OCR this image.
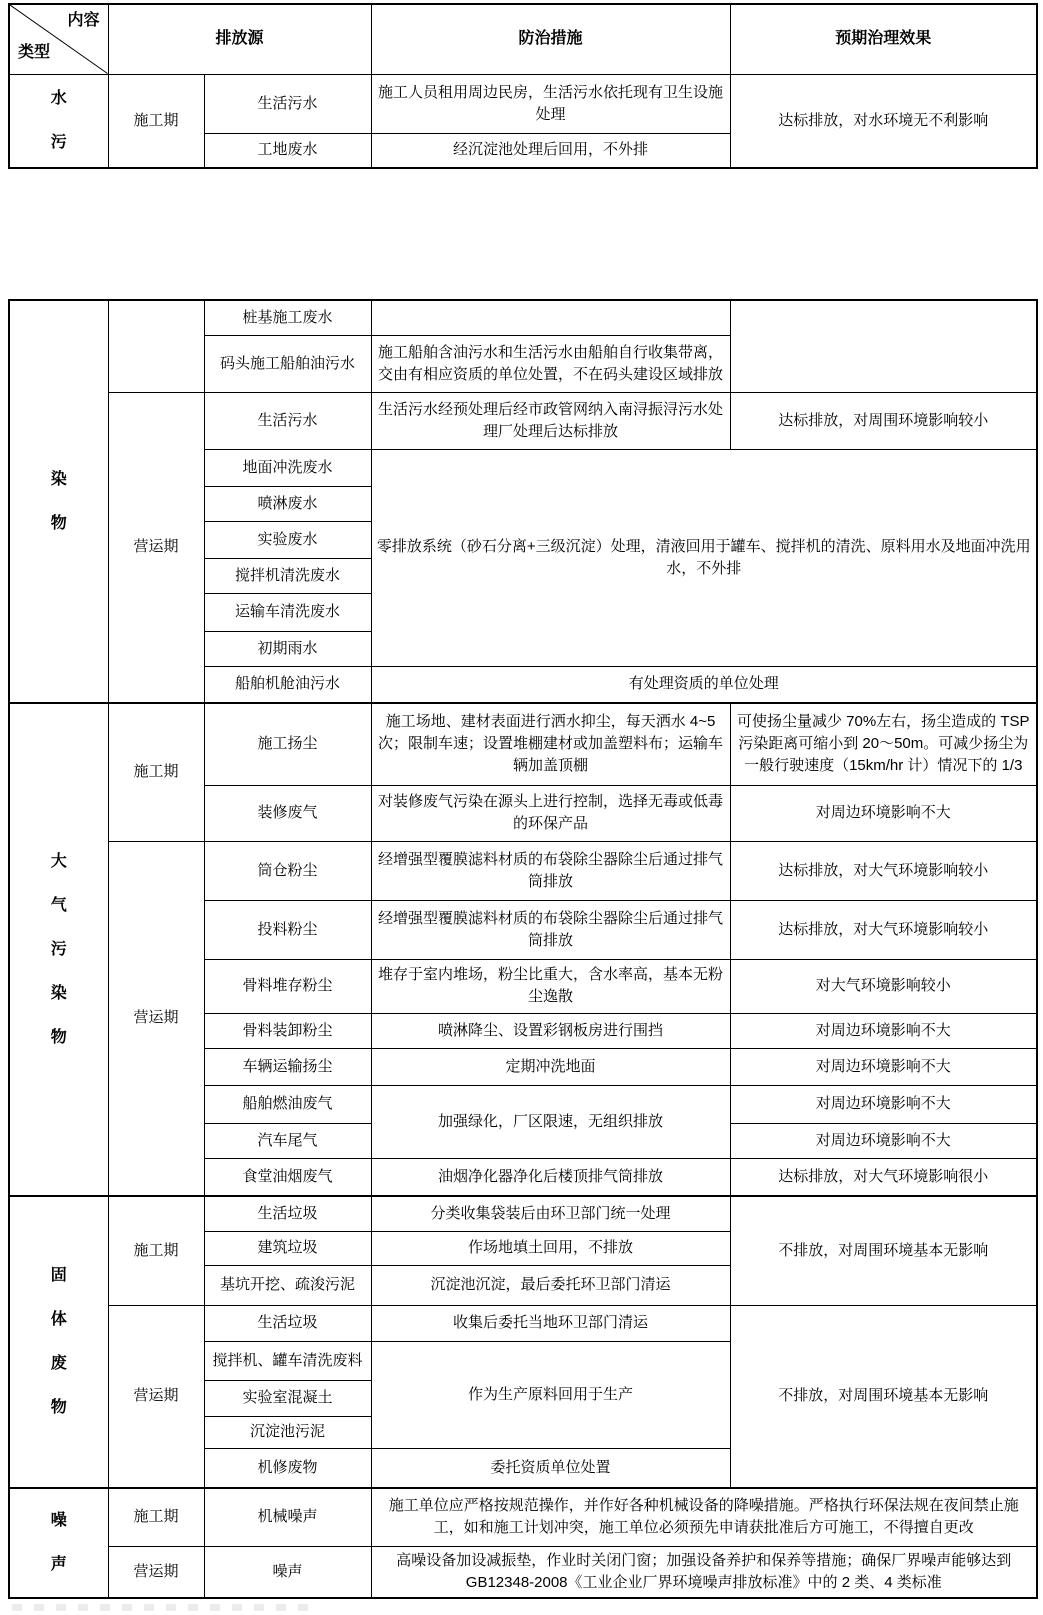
内容
类型	排放源		防治措施	预期治理效果

水污	施工期	生活污水	施工人员租用周边民房，生活污水依托现有卫生设施处理	达标排放，对水环境无不利影响
		工地废水	经沉淀池处理后回用，不外排	
染物		桩基施工废水		
		码头施工船舶油污水	施工船舶含油污水和生活污水由船舶自行收集带离，交由有相应资质的单位处置，不在码头建设区域排放	
	营运期	生活污水	生活污水经预处理后经市政管网纳入南浔振浔污水处理厂处理后达标排放	达标排放，对周围环境影响较小
		地面冲洗废水	零排放系统（砂石分离+三级沉淀）处理，清液回用于罐车、搅拌机的清洗、原料用水及地面冲洗用水，不外排	
		喷淋废水		
		实验废水		
		搅拌机清洗废水		
		运输车清洗废水		
		初期雨水		
		船舶机舱油污水	有处理资质的单位处理	

大气污染物	施工期	施工扬尘	施工场地、建材表面进行洒水抑尘，每天洒水 4~5 次；限制车速；设置堆棚建材或加盖塑料布；运输车辆加盖顶棚	可使扬尘量减少 70%左右，扬尘造成的 TSP 污染距离可缩小到 20～50m。可减少扬尘为一般行驶速度（15km/hr 计）情况下的 1/3
		装修废气	对装修废气污染在源头上进行控制，选择无毒或低毒的环保产品	对周边环境影响不大
	营运期	筒仓粉尘	经增强型覆膜滤料材质的布袋除尘器除尘后通过排气筒排放	达标排放，对大气环境影响较小
		投料粉尘	经增强型覆膜滤料材质的布袋除尘器除尘后通过排气筒排放	达标排放，对大气环境影响较小
		骨料堆存粉尘	堆存于室内堆场，粉尘比重大，含水率高，基本无粉尘逸散	对大气环境影响较小
		骨料装卸粉尘	喷淋降尘、设置彩钢板房进行围挡	对周边环境影响不大
		车辆运输扬尘	定期冲洗地面	对周边环境影响不大
		船舶燃油废气	加强绿化，厂区限速，无组织排放	对周边环境影响不大
		汽车尾气		对周边环境影响不大
		食堂油烟废气	油烟净化器净化后楼顶排气筒排放	达标排放，对大气环境影响很小

固体废物	施工期	生活垃圾	分类收集袋装后由环卫部门统一处理	不排放，对周围环境基本无影响
		建筑垃圾	作场地填土回用，不排放	
		基坑开挖、疏浚污泥	沉淀池沉淀，最后委托环卫部门清运	
	营运期	生活垃圾	收集后委托当地环卫部门清运	不排放，对周围环境基本无影响
		搅拌机、罐车清洗废料	作为生产原料回用于生产	
		实验室混凝土		
		沉淀池污泥		
		机修废物	委托资质单位处置	

噪声	施工期	机械噪声	施工单位应严格按规范操作，并作好各种机械设备的降噪措施。严格执行环保法规在夜间禁止施工，如和施工计划冲突，施工单位必须预先申请获批准后方可施工，不得擅自更改	
	营运期	噪声	高噪设备加设减振垫，作业时关闭门窗；加强设备养护和保养等措施；确保厂界噪声能够达到 GB12348-2008《工业企业厂界环境噪声排放标准》中的 2 类、4 类标准	
